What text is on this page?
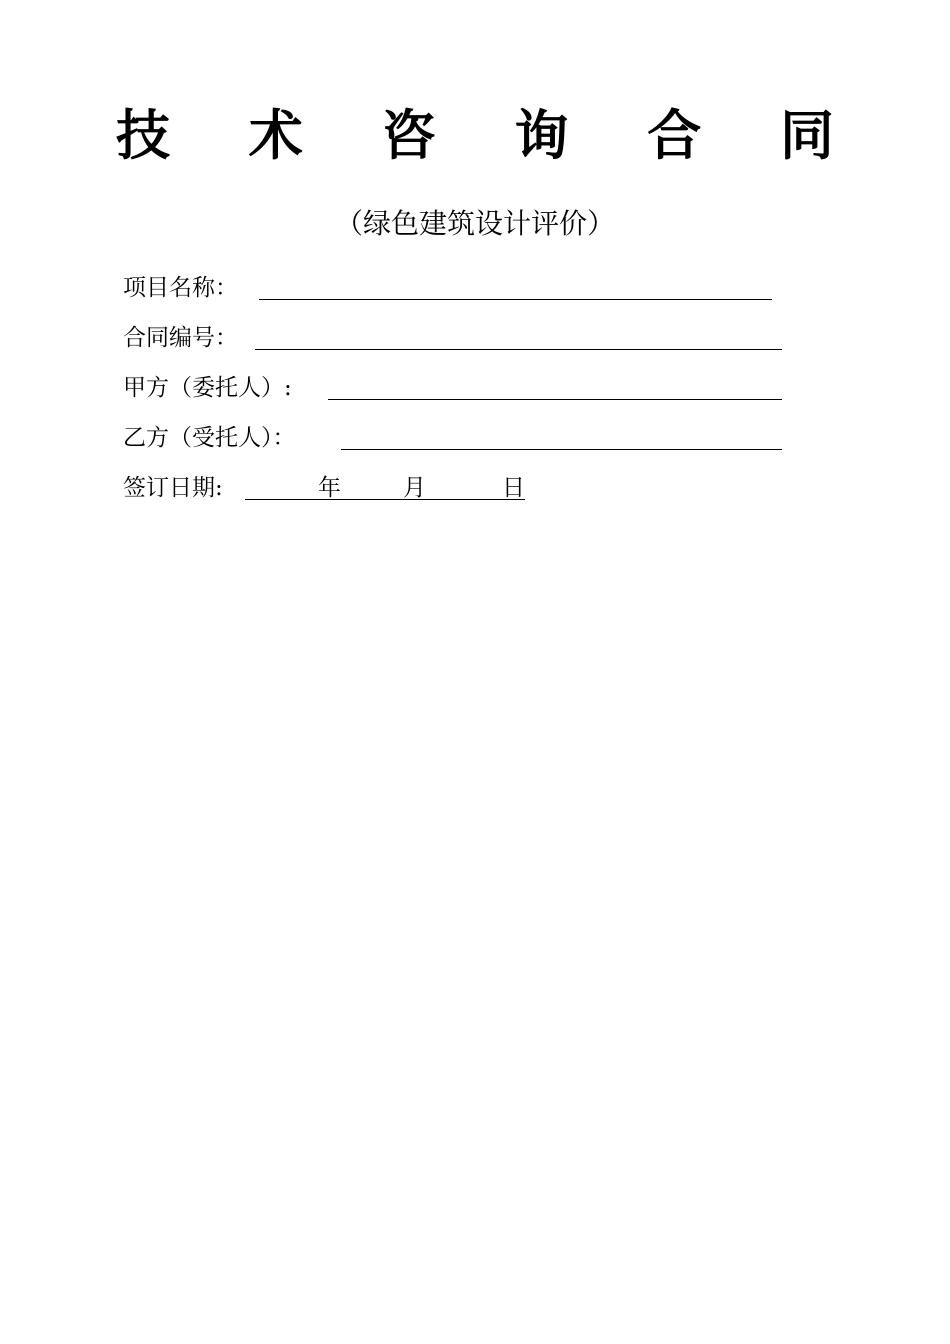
技 术 咨 询 合 同
（绿色建筑设计评价）
项目名称：
合同编号：
甲方（委托人）:
乙方（受托人）：
签订日期:	年	月	日
